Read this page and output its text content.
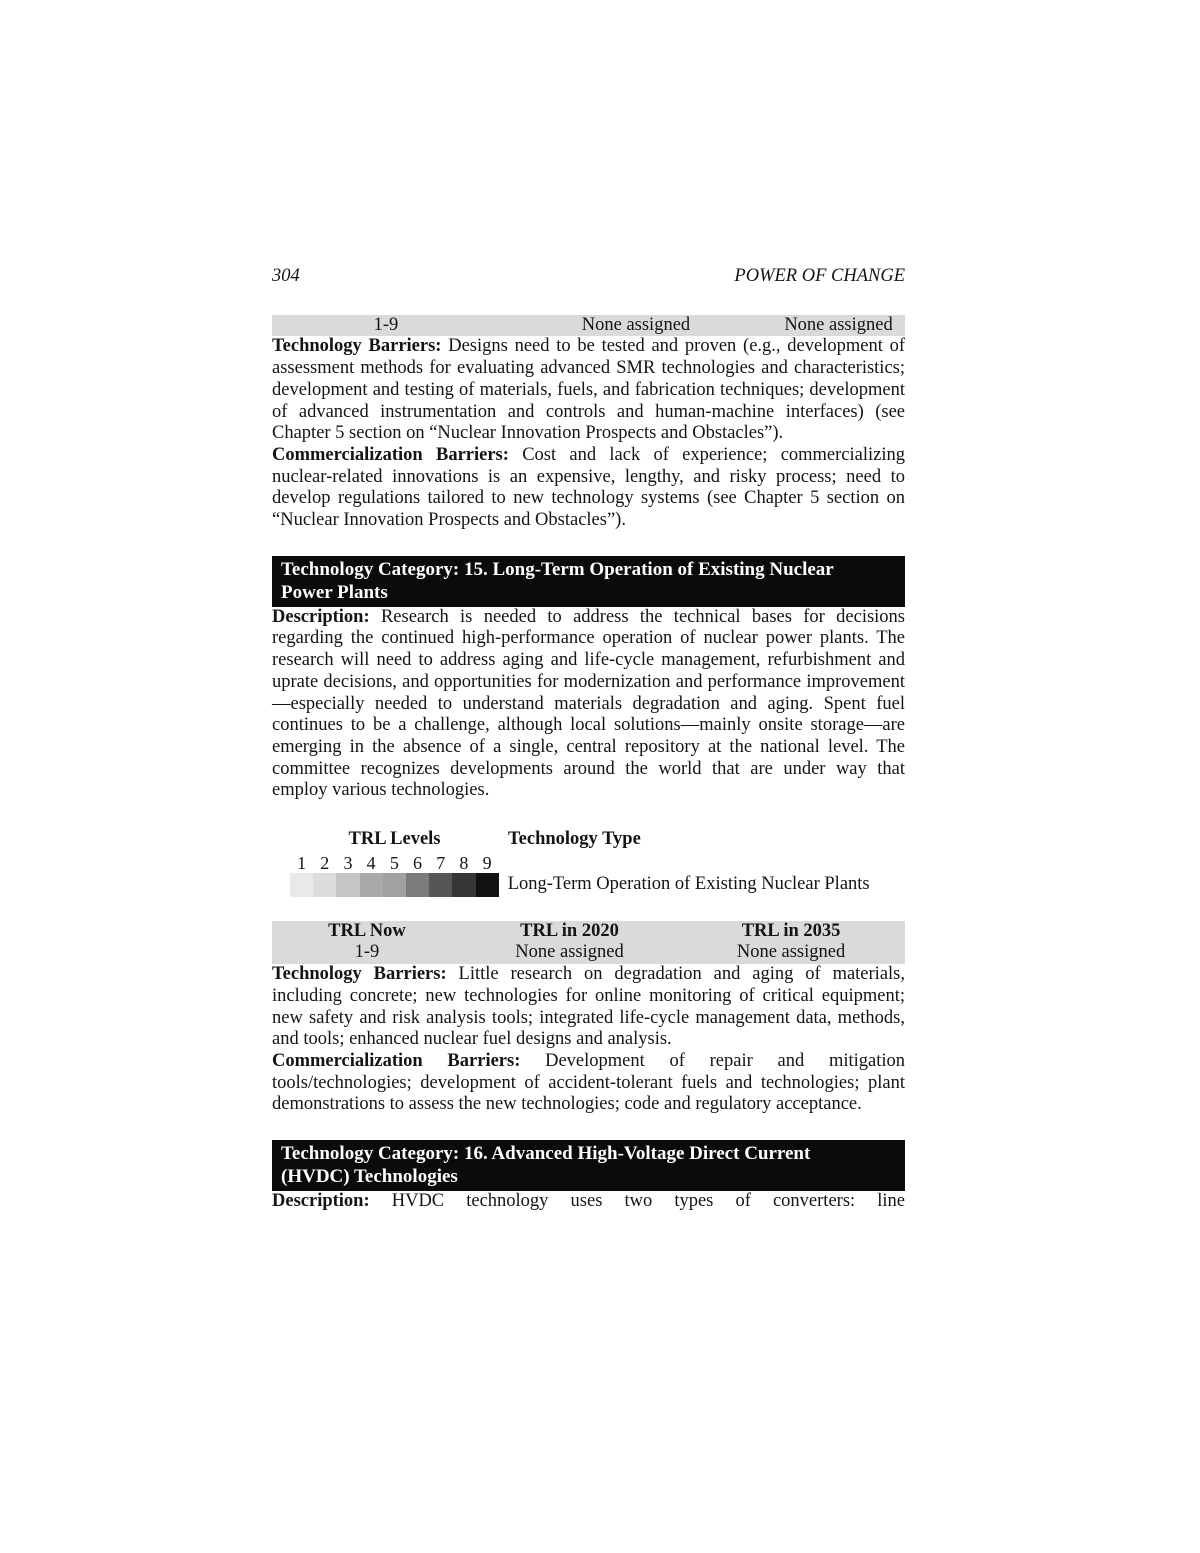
304	POWER OF CHANGE
1-9	None assigned	None assigned

Technology Barriers: Designs need to be tested and proven (e.g., development of assessment methods for evaluating advanced SMR technologies and characteristics; development and testing of materials, fuels, and fabrication techniques; development of advanced instrumentation and controls and human-machine interfaces) (see Chapter 5 section on “Nuclear Innovation Prospects and Obstacles”).

Commercialization Barriers: Cost and lack of experience; commercializing nuclear-related innovations is an expensive, lengthy, and risky process; need to develop regulations tailored to new technology systems (see Chapter 5 section on “Nuclear Innovation Prospects and Obstacles”).

Technology Category: 15. Long-Term Operation of Existing Nuclear
Power Plants

Description: Research is needed to address the technical bases for decisions regarding the continued high-performance operation of nuclear power plants. The research will need to address aging and life-cycle management, refurbishment and uprate decisions, and opportunities for modernization and performance improvement—especially needed to understand materials degradation and aging. Spent fuel continues to be a challenge, although local solutions—mainly onsite storage—are emerging in the absence of a single, central repository at the national level. The committee recognizes developments around the world that are under way that employ various technologies.

TRL Levels	Technology Type
1 2 3 4 5 6 7 8 9
Long-Term Operation of Existing Nuclear Plants
TRL Now	TRL in 2020	TRL in 2035
1-9	None assigned	None assigned

Technology Barriers: Little research on degradation and aging of materials, including concrete; new technologies for online monitoring of critical equipment; new safety and risk analysis tools; integrated life-cycle management data, methods, and tools; enhanced nuclear fuel designs and analysis.

Commercialization Barriers: Development of repair and mitigation tools/technologies; development of accident-tolerant fuels and technologies; plant demonstrations to assess the new technologies; code and regulatory acceptance.

Technology Category: 16. Advanced High-Voltage Direct Current
(HVDC) Technologies

Description: HVDC technology uses two types of converters: line
